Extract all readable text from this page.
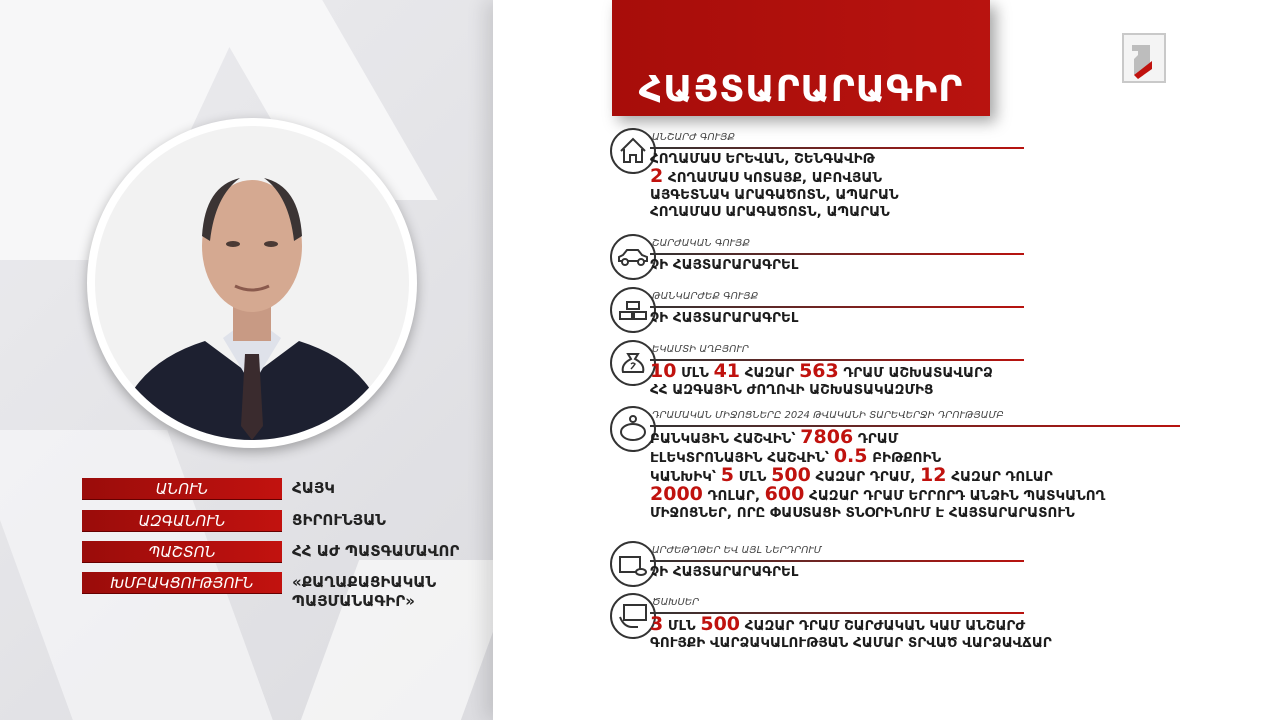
ՀԱՅՏԱՐԱՐԱԳԻՐ
ԱՆՈՒՆ	ՀԱՅԿ
ԱԶԳԱՆՈՒՆ	ՑԻՐՈՒՆՅԱՆ
ՊԱՇՏՈՆ	ՀՀ ԱԺ ՊԱՏԳԱՄԱՎՈՐ
ԽՄԲԱԿՑՈՒԹՅՈՒՆ	«ՔԱՂԱՔԱՑԻԱԿԱՆ ՊԱՅՄԱՆԱԳԻՐ»
ԱՆՇԱՐԺ ԳՈՒՅՔ
ՀՈՂԱՄԱՍ ԵՐԵՎԱՆ, ՇԵՆԳԱՎԻԹ
2 ՀՈՂԱՄԱՍ ԿՈՏԱՅՔ, ԱԲՈՎՅԱՆ
ԱՅԳԵՏՆԱԿ ԱՐԱԳԱԾՈՏՆ, ԱՊԱՐԱՆ
ՀՈՂԱՄԱՍ ԱՐԱԳԱԾՈՏՆ, ԱՊԱՐԱՆ
ՇԱՐԺԱԿԱՆ ԳՈՒՅՔ
ՉԻ ՀԱՅՏԱՐԱՐԱԳՐԵԼ
ԹԱՆԿԱՐԺԵՔ ԳՈՒՅՔ
ՉԻ ՀԱՅՏԱՐԱՐԱԳՐԵԼ
ԵԿԱՄՏԻ ԱՂԲՅՈՒՐ
10 ՄԼՆ 41 ՀԱԶԱՐ 563 ԴՐԱՄ ԱՇԽԱՏԱՎԱՐՁ
ՀՀ ԱԶԳԱՅԻՆ ԺՈՂՈՎԻ ԱՇԽԱՏԱԿԱԶՄԻՑ
ԴՐԱՄԱԿԱՆ ՄԻՋՈՑՆԵՐԸ 2024 ԹՎԱԿԱՆԻ ՏԱՐԵՎԵՐՋԻ ԴՐՈՒԹՅԱՄԲ
ԲԱՆԿԱՅԻՆ ՀԱՇՎԻՆ՝ 7806 ԴՐԱՄ
ԷԼԵԿՏՐՈՆԱՅԻՆ ՀԱՇՎԻՆ՝ 0.5 ԲԻԹՔՈԻՆ
ԿԱՆԽԻԿ՝ 5 ՄԼՆ 500 ՀԱԶԱՐ ԴՐԱՄ, 12 ՀԱԶԱՐ ԴՈԼԱՐ
2000 ԴՈԼԱՐ, 600 ՀԱԶԱՐ ԴՐԱՄ ԵՐՐՈՐԴ ԱՆՁԻՆ ՊԱՏԿԱՆՈՂ
ՄԻՋՈՑՆԵՐ, ՈՐԸ ՓԱՍՏԱՑԻ ՏՆՕՐԻՆՈՒՄ Է ՀԱՅՏԱՐԱՐԱՏՈՒՆ
ԱՐԺԵԹՂԹԵՐ ԵՎ ԱՅԼ ՆԵՐԴՐՈՒՄ
ՉԻ ՀԱՅՏԱՐԱՐԱԳՐԵԼ
ԾԱԽՍԵՐ
3 ՄԼՆ 500 ՀԱԶԱՐ ԴՐԱՄ ՇԱՐԺԱԿԱՆ ԿԱՄ ԱՆՇԱՐԺ
ԳՈՒՅՔԻ ՎԱՐՁԱԿԱԼՈՒԹՅԱՆ ՀԱՄԱՐ ՏՐՎԱԾ ՎԱՐՁԱՎՃԱՐ
